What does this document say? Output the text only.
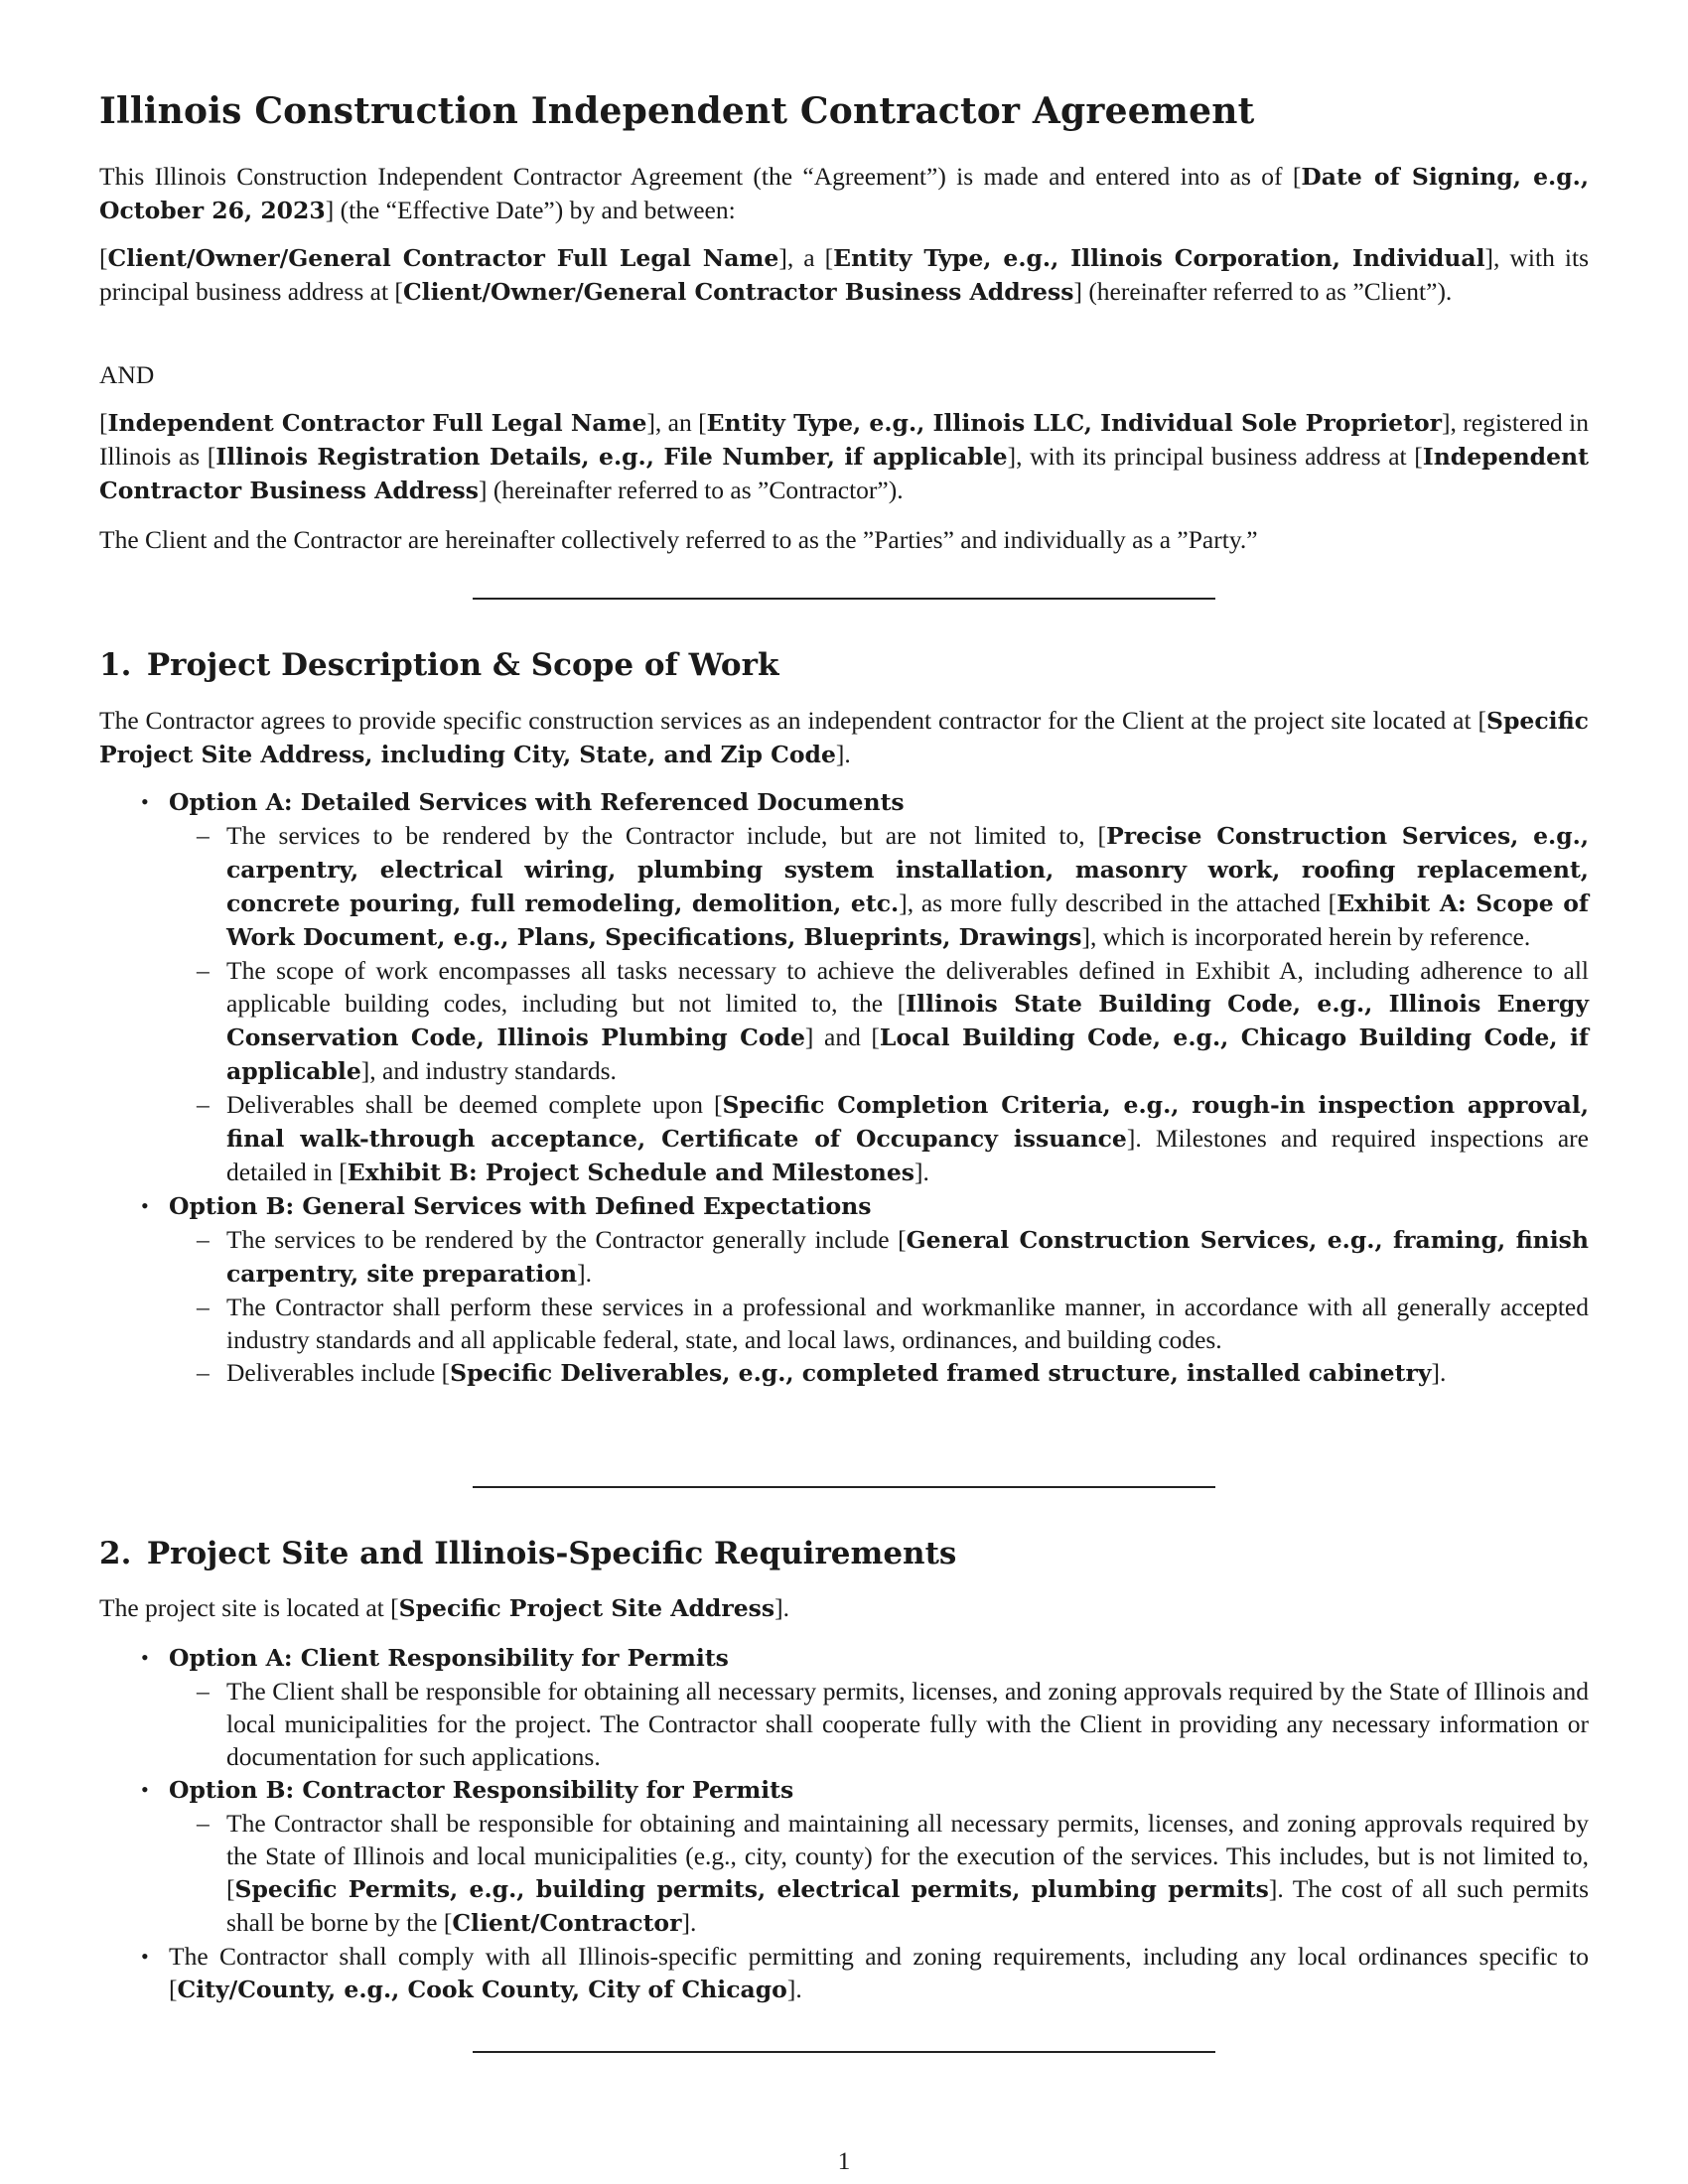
Illinois Construction Independent Contractor Agreement

This Illinois Construction Independent Contractor Agreement (the “Agreement”) is made and entered into as of [Date of Signing, e.g., October 26, 2023] (the “Effective Date”) by and between:

[Client/Owner/General Contractor Full Legal Name], a [Entity Type, e.g., Illinois Corporation, Individual], with its principal business address at [Client/Owner/General Contractor Business Address] (hereinafter referred to as ”Client”).

AND

[Independent Contractor Full Legal Name], an [Entity Type, e.g., Illinois LLC, Individual Sole Proprietor], registered in Illinois as [Illinois Registration Details, e.g., File Number, if applicable], with its principal business address at [Independent Contractor Business Address] (hereinafter referred to as ”Contractor”).

The Client and the Contractor are hereinafter collectively referred to as the ”Parties” and individually as a ”Party.”

1. Project Description & Scope of Work

The Contractor agrees to provide specific construction services as an independent contractor for the Client at the project site located at [Specific Project Site Address, including City, State, and Zip Code].

• Option A: Detailed Services with Referenced Documents
– The services to be rendered by the Contractor include, but are not limited to, [Precise Construction Services, e.g., carpentry, electrical wiring, plumbing system installation, masonry work, roofing replacement, concrete pouring, full remodeling, demolition, etc.], as more fully described in the attached [Exhibit A: Scope of Work Document, e.g., Plans, Specifications, Blueprints, Drawings], which is incorporated herein by reference.
– The scope of work encompasses all tasks necessary to achieve the deliverables defined in Exhibit A, including adherence to all applicable building codes, including but not limited to, the [Illinois State Building Code, e.g., Illinois Energy Conservation Code, Illinois Plumbing Code] and [Local Building Code, e.g., Chicago Building Code, if applicable], and industry standards.
– Deliverables shall be deemed complete upon [Specific Completion Criteria, e.g., rough-in inspection approval, final walk-through acceptance, Certificate of Occupancy issuance]. Milestones and required inspections are detailed in [Exhibit B: Project Schedule and Milestones].
• Option B: General Services with Defined Expectations
– The services to be rendered by the Contractor generally include [General Construction Services, e.g., framing, finish carpentry, site preparation].
– The Contractor shall perform these services in a professional and workmanlike manner, in accordance with all generally accepted industry standards and all applicable federal, state, and local laws, ordinances, and building codes.
– Deliverables include [Specific Deliverables, e.g., completed framed structure, installed cabinetry].
2. Project Site and Illinois-Specific Requirements

The project site is located at [Specific Project Site Address].

• Option A: Client Responsibility for Permits
– The Client shall be responsible for obtaining all necessary permits, licenses, and zoning approvals required by the State of Illinois and local municipalities for the project. The Contractor shall cooperate fully with the Client in providing any necessary information or documentation for such applications.
• Option B: Contractor Responsibility for Permits
– The Contractor shall be responsible for obtaining and maintaining all necessary permits, licenses, and zoning approvals required by the State of Illinois and local municipalities (e.g., city, county) for the execution of the services. This includes, but is not limited to, [Specific Permits, e.g., building permits, electrical permits, plumbing permits]. The cost of all such permits shall be borne by the [Client/Contractor].
• The Contractor shall comply with all Illinois-specific permitting and zoning requirements, including any local ordinances specific to [City/County, e.g., Cook County, City of Chicago].
1
